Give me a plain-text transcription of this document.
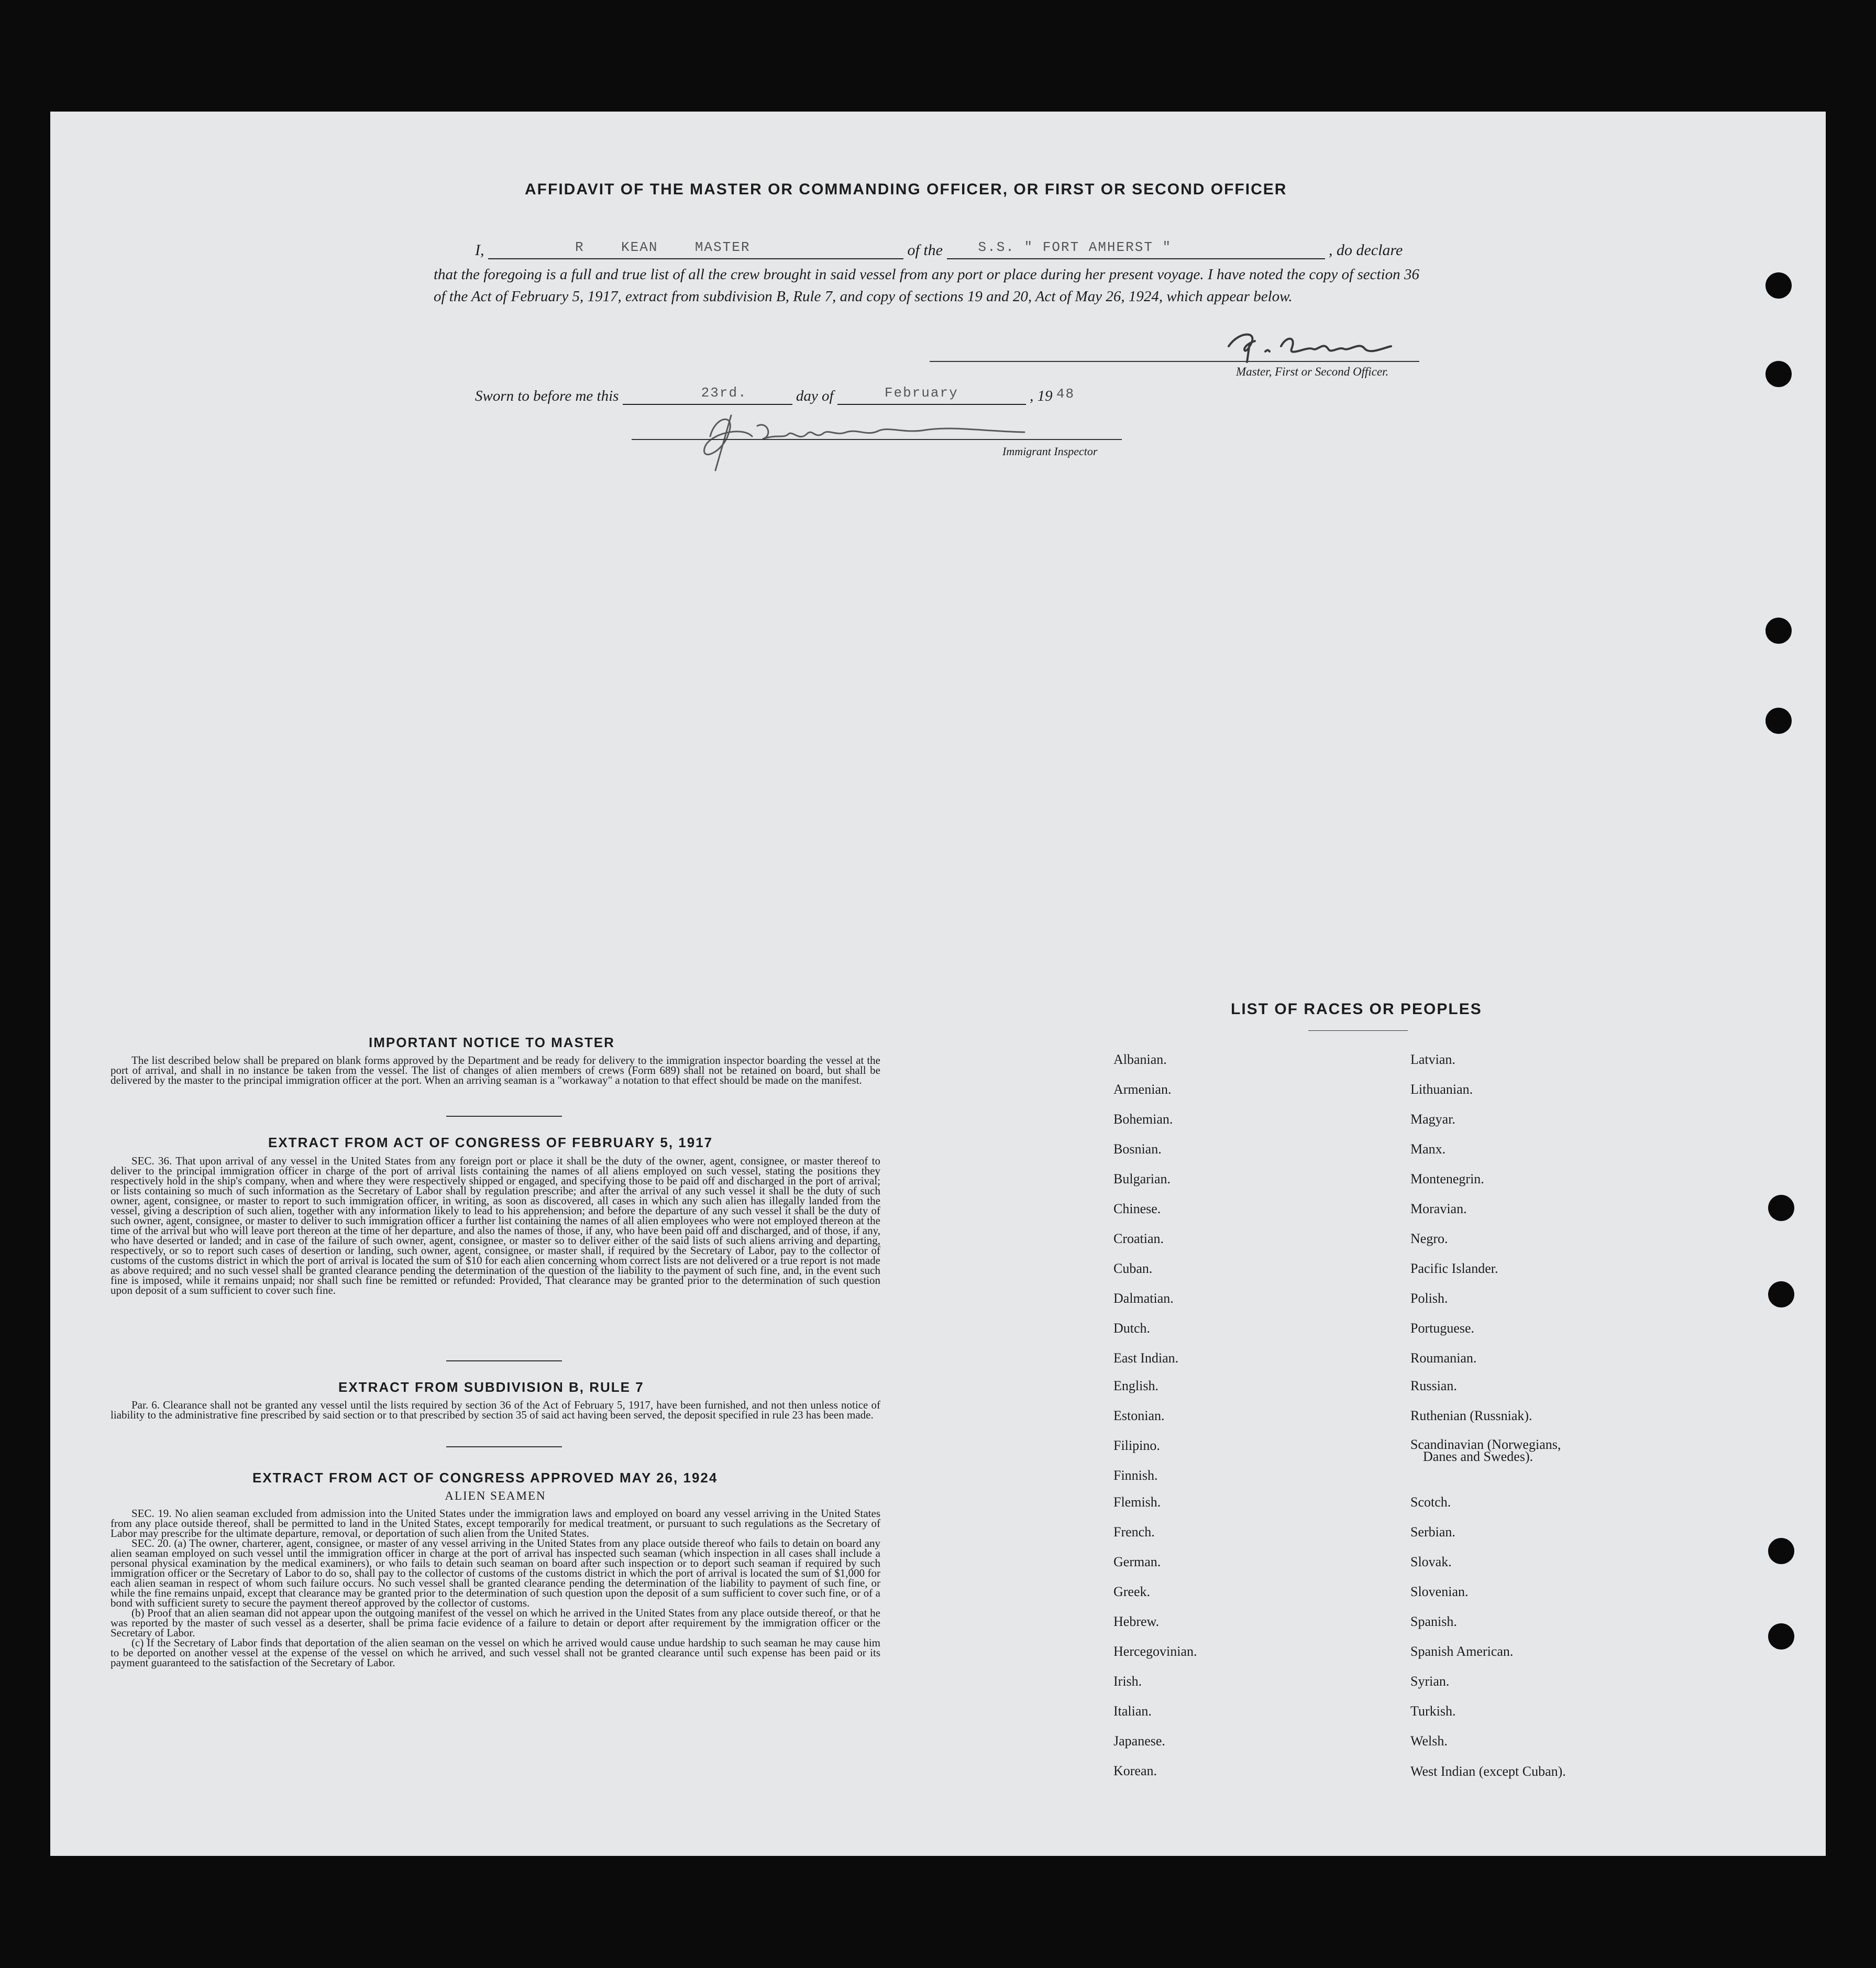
AFFIDAVIT OF THE MASTER OR COMMANDING OFFICER, OR FIRST OR SECOND OFFICER
I,	R    KEAN    MASTER	of the	S.S. " FORT AMHERST "	, do declare
that the foregoing is a full and true list of all the crew brought in said vessel from any port or place during her present voyage. I have noted the copy of section 36 of the Act of February 5, 1917, extract from subdivision B, Rule 7, and copy of sections 19 and 20, Act of May 26, 1924, which appear below.
Master, First or Second Officer.
Sworn to before me this	23rd.	day of	February	, 19 48
Immigrant Inspector
IMPORTANT NOTICE TO MASTER

The list described below shall be prepared on blank forms approved by the Department and be ready for delivery to the immigration inspector boarding the vessel at the port of arrival, and shall in no instance be taken from the vessel. The list of changes of alien members of crews (Form 689) shall not be retained on board, but shall be delivered by the master to the principal immigration officer at the port. When an arriving seaman is a "workaway" a notation to that effect should be made on the manifest.

EXTRACT FROM ACT OF CONGRESS OF FEBRUARY 5, 1917

SEC. 36. That upon arrival of any vessel in the United States from any foreign port or place it shall be the duty of the owner, agent, consignee, or master thereof to deliver to the principal immigration officer in charge of the port of arrival lists containing the names of all aliens employed on such vessel, stating the positions they respectively hold in the ship's company, when and where they were respectively shipped or engaged, and specifying those to be paid off and discharged in the port of arrival; or lists containing so much of such information as the Secretary of Labor shall by regulation prescribe; and after the arrival of any such vessel it shall be the duty of such owner, agent, consignee, or master to report to such immigration officer, in writing, as soon as discovered, all cases in which any such alien has illegally landed from the vessel, giving a description of such alien, together with any information likely to lead to his apprehension; and before the departure of any such vessel it shall be the duty of such owner, agent, consignee, or master to deliver to such immigration officer a further list containing the names of all alien employees who were not employed thereon at the time of the arrival but who will leave port thereon at the time of her departure, and also the names of those, if any, who have been paid off and discharged, and of those, if any, who have deserted or landed; and in case of the failure of such owner, agent, consignee, or master so to deliver either of the said lists of such aliens arriving and departing, respectively, or so to report such cases of desertion or landing, such owner, agent, consignee, or master shall, if required by the Secretary of Labor, pay to the collector of customs of the customs district in which the port of arrival is located the sum of $10 for each alien concerning whom correct lists are not delivered or a true report is not made as above required; and no such vessel shall be granted clearance pending the determination of the question of the liability to the payment of such fine, and, in the event such fine is imposed, while it remains unpaid; nor shall such fine be remitted or refunded: Provided, That clearance may be granted prior to the determination of such question upon deposit of a sum sufficient to cover such fine.

EXTRACT FROM SUBDIVISION B, RULE 7

Par. 6. Clearance shall not be granted any vessel until the lists required by section 36 of the Act of February 5, 1917, have been furnished, and not then unless notice of liability to the administrative fine prescribed by said section or to that prescribed by section 35 of said act having been served, the deposit specified in rule 23 has been made.

EXTRACT FROM ACT OF CONGRESS APPROVED MAY 26, 1924
ALIEN SEAMEN

SEC. 19. No alien seaman excluded from admission into the United States under the immigration laws and employed on board any vessel arriving in the United States from any place outside thereof, shall be permitted to land in the United States, except temporarily for medical treatment, or pursuant to such regulations as the Secretary of Labor may prescribe for the ultimate departure, removal, or deportation of such alien from the United States.

SEC. 20. (a) The owner, charterer, agent, consignee, or master of any vessel arriving in the United States from any place outside thereof who fails to detain on board any alien seaman employed on such vessel until the immigration officer in charge at the port of arrival has inspected such seaman (which inspection in all cases shall include a personal physical examination by the medical examiners), or who fails to detain such seaman on board after such inspection or to deport such seaman if required by such immigration officer or the Secretary of Labor to do so, shall pay to the collector of customs of the customs district in which the port of arrival is located the sum of $1,000 for each alien seaman in respect of whom such failure occurs. No such vessel shall be granted clearance pending the determination of the liability to payment of such fine, or while the fine remains unpaid, except that clearance may be granted prior to the determination of such question upon the deposit of a sum sufficient to cover such fine, or of a bond with sufficient surety to secure the payment thereof approved by the collector of customs.

(b) Proof that an alien seaman did not appear upon the outgoing manifest of the vessel on which he arrived in the United States from any place outside thereof, or that he was reported by the master of such vessel as a deserter, shall be prima facie evidence of a failure to detain or deport after requirement by the immigration officer or the Secretary of Labor.

(c) If the Secretary of Labor finds that deportation of the alien seaman on the vessel on which he arrived would cause undue hardship to such seaman he may cause him to be deported on another vessel at the expense of the vessel on which he arrived, and such vessel shall not be granted clearance until such expense has been paid or its payment guaranteed to the satisfaction of the Secretary of Labor.

LIST OF RACES OR PEOPLES
Albanian.
Armenian.
Bohemian.
Bosnian.
Bulgarian.
Chinese.
Croatian.
Cuban.
Dalmatian.
Dutch.
East Indian.
English.
Estonian.
Filipino.
Finnish.
Flemish.
French.
German.
Greek.
Hebrew.
Hercegovinian.
Irish.
Italian.
Japanese.
Korean.
Latvian.
Lithuanian.
Magyar.
Manx.
Montenegrin.
Moravian.
Negro.
Pacific Islander.
Polish.
Portuguese.
Roumanian.
Russian.
Ruthenian (Russniak).
Scandinavian (Norwegians,
Scotch.
Serbian.
Slovak.
Slovenian.
Spanish.
Spanish American.
Syrian.
Turkish.
Welsh.
West Indian (except Cuban).
Danes and Swedes).
